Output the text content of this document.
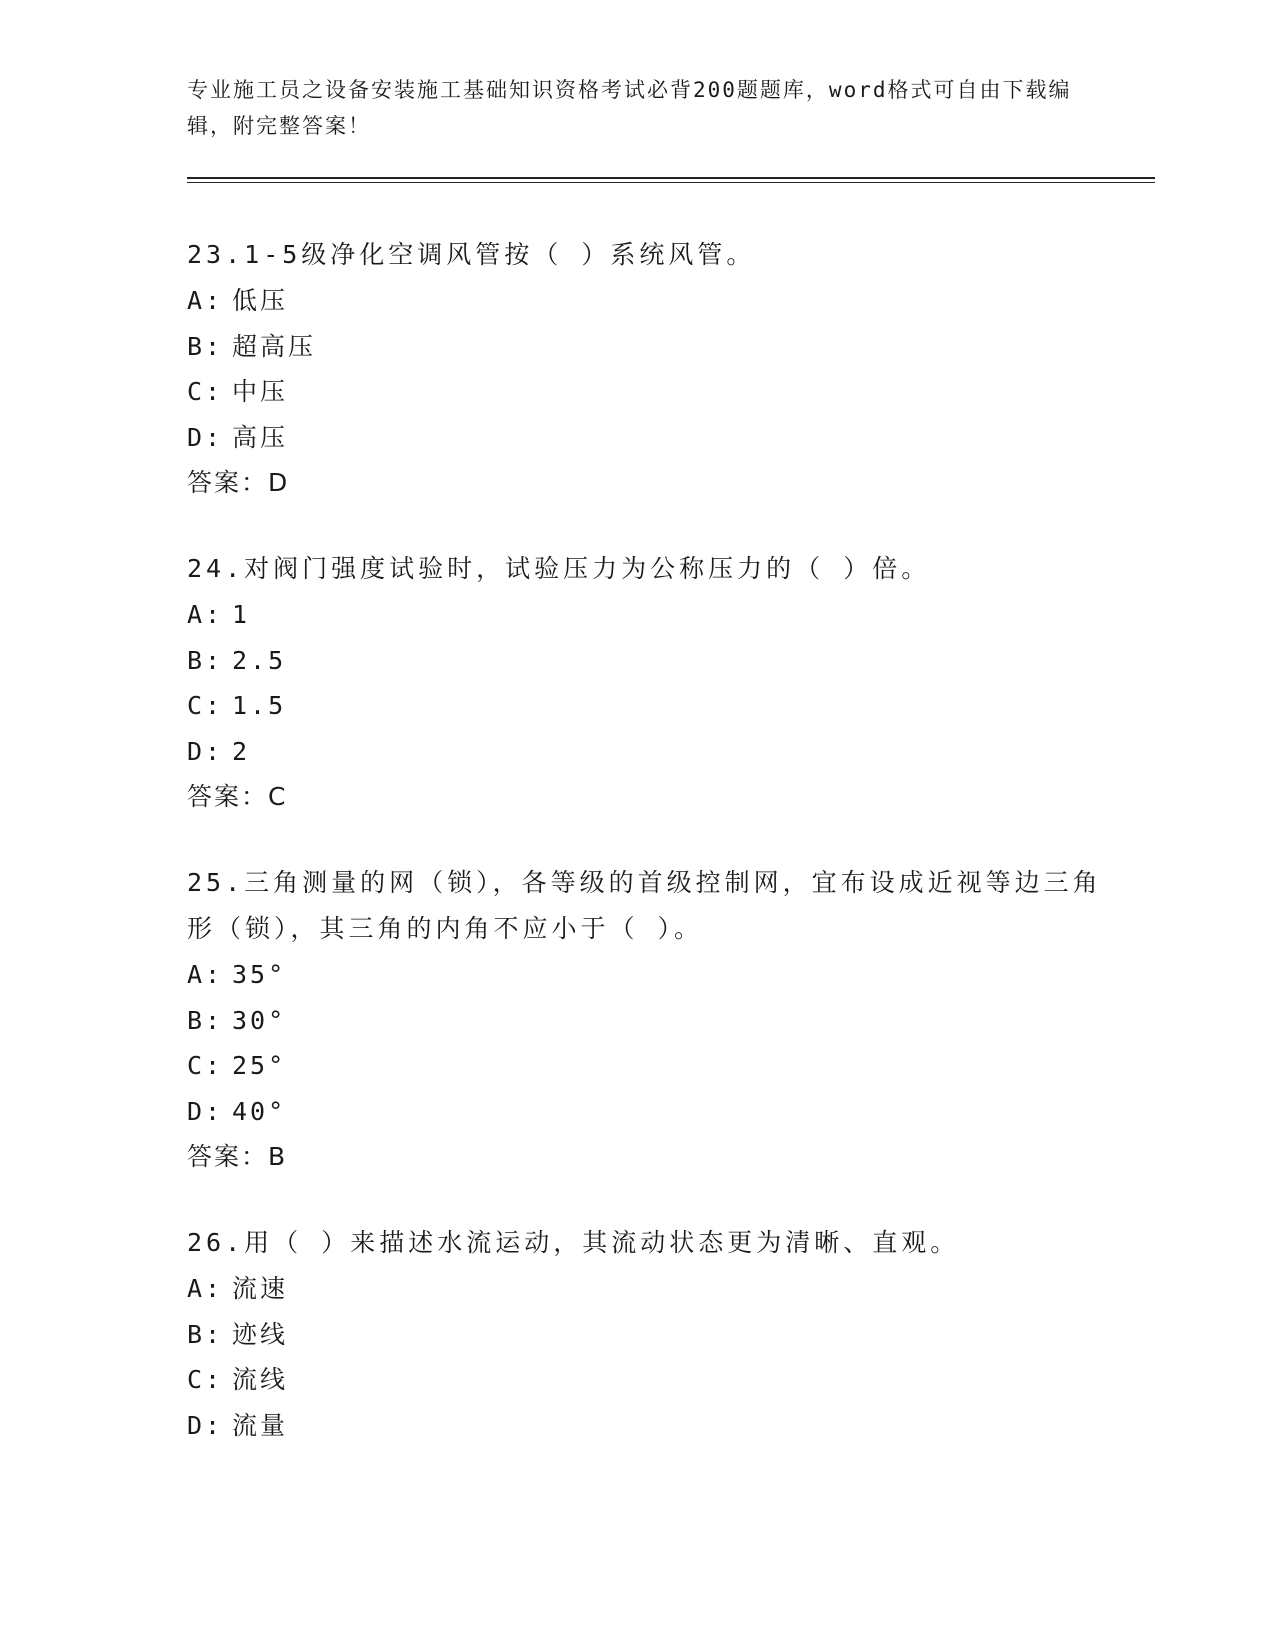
专业施工员之设备安装施工基础知识资格考试必背200题题库，word格式可自由下载编辑，附完整答案！

23.1-5级净化空调风管按（ ）系统风管。

A: 低压

B: 超高压

C: 中压

D: 高压

答案：D

24.对阀门强度试验时，试验压力为公称压力的（ ）倍。

A: 1

B: 2.5

C: 1.5

D: 2

答案：C

25.三角测量的网（锁），各等级的首级控制网，宜布设成近视等边三角形（锁），其三角的内角不应小于（ ）。

A: 35°

B: 30°

C: 25°

D: 40°

答案：B

26.用（ ）来描述水流运动，其流动状态更为清晰、直观。

A: 流速

B: 迹线

C: 流线

D: 流量
